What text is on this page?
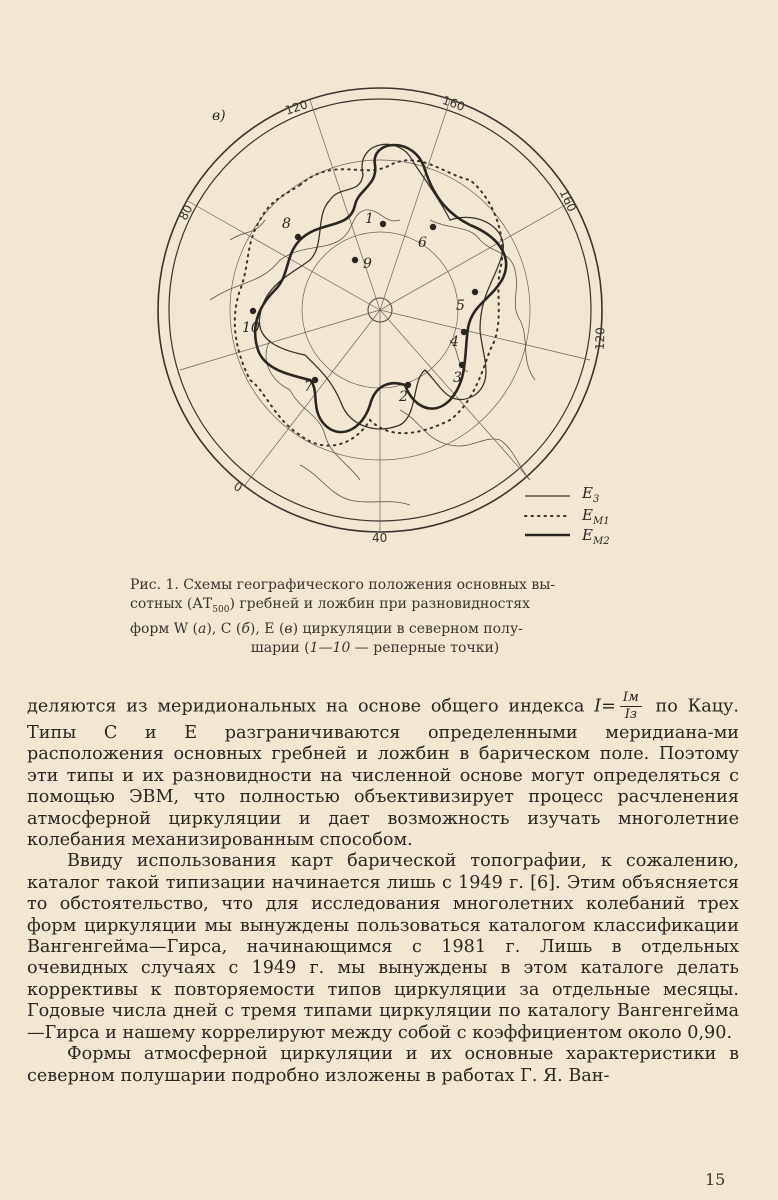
в)
1
2
3
4
5
6
7
8
9
10
120	160
160
80
120
0
40
$E_3$
$E_{M1}$
$E_{M2}$
Рис. 1. Схемы географического положения основных вы-
сотных $(АТ_{500})$ гребней и ложбин при разновидностях
форм W (а), С (б), Е (в) циркуляции в северном полу-
шарии (1—10 — реперные точки)

деляются из меридиональных на основе общего индекса $I= \frac{Iм}{Iз}$ по Кацу. Типы С и Е разграничиваются определенными меридиана-ми расположения основных гребней и ложбин в барическом поле. Поэтому эти типы и их разновидности на численной основе могут определяться с помощью ЭВМ, что полностью объективизирует процесс расчленения атмосферной циркуляции и дает возможность изучать многолетние колебания механизированным способом.

Ввиду использования карт барической топографии, к сожалению, каталог такой типизации начинается лишь с 1949 г. [6]. Этим объясняется то обстоятельство, что для исследования многолетних колебаний трех форм циркуляции мы вынуждены пользоваться каталогом классификации Вангенгейма—Гирса, начинающимся с 1981 г. Лишь в отдельных очевидных случаях с 1949 г. мы вынуждены в этом каталоге делать коррективы к повторяемости типов циркуляции за отдельные месяцы. Годовые числа дней с тремя типами циркуляции по каталогу Вангенгейма—Гирса и нашему коррелируют между собой с коэффициентом около 0,90.

Формы атмосферной циркуляции и их основные характеристики в северном полушарии подробно изложены в работах Г. Я. Ван-

15
